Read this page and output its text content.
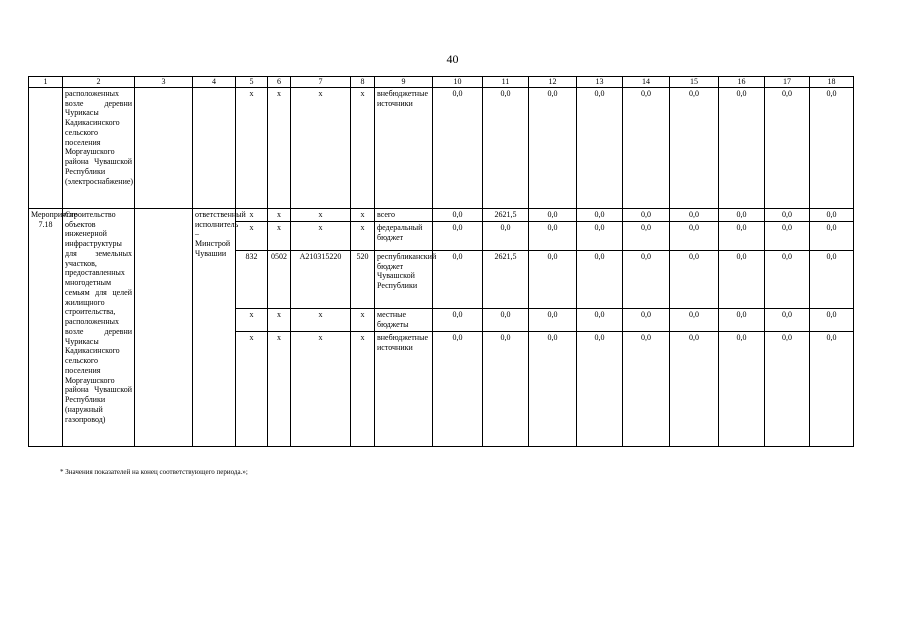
40
1	2	3	4	5	6	7	8	9	10	11	12	13	14	15	16	17	18
	расположенных возле деревни Чурикасы Кадикасинского сельского поселения Моргаушского района Чувашской Республики (электроснабжение)			x	x	x	x	внебюджетные источники	0,0	0,0	0,0	0,0	0,0	0,0	0,0	0,0	0,0
Мероприятие 7.18	Строительство объектов инженерной инфраструктуры для земельных участков, предоставленных многодетным семьям для целей жилищного строительства, расположенных возле деревни Чурикасы Кадикасинского сельского поселения Моргаушского района Чувашской Республики (наружный газопровод)		ответственный исполнитель – Минстрой Чувашии	x	x	x	x	всего	0,0	2621,5	0,0	0,0	0,0	0,0	0,0	0,0	0,0
				x	x	x	x	федеральный бюджет	0,0	0,0	0,0	0,0	0,0	0,0	0,0	0,0	0,0
				832	0502	A210315220	520	республиканский бюджет Чувашской Республики	0,0	2621,5	0,0	0,0	0,0	0,0	0,0	0,0	0,0
				x	x	x	x	местные бюджеты	0,0	0,0	0,0	0,0	0,0	0,0	0,0	0,0	0,0
				x	x	x	x	внебюджетные источники	0,0	0,0	0,0	0,0	0,0	0,0	0,0	0,0	0,0
* Значения показателей на конец соответствующего периода.»;
